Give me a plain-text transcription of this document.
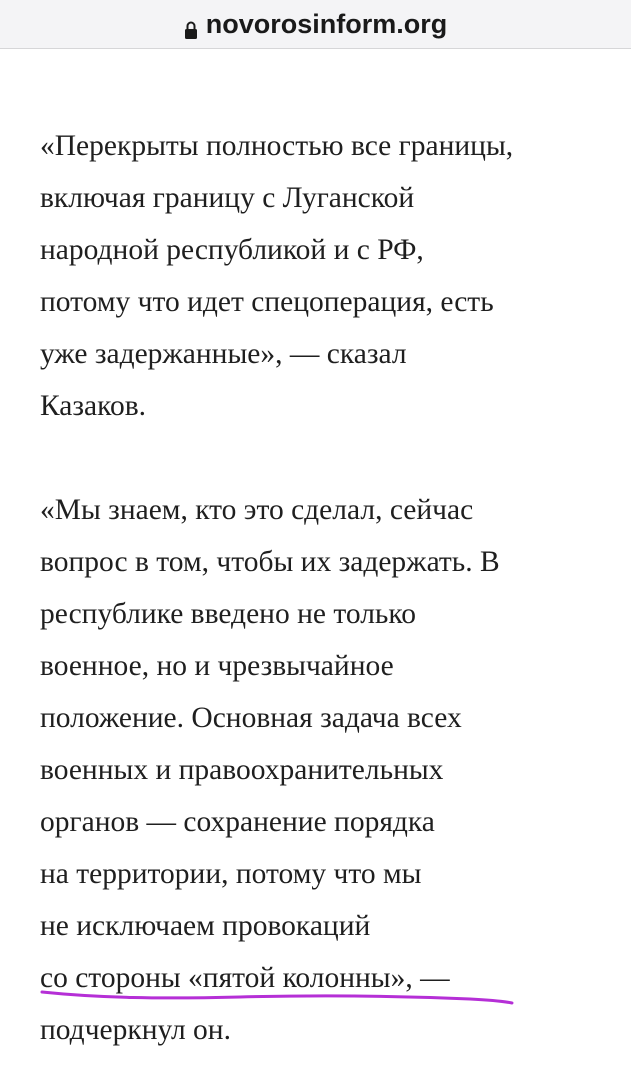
novorosinform.org
«Перекрыты полностью все границы,
включая границу с Луганской
народной республикой и с РФ,
потому что идет спецоперация, есть
уже задержанные», — сказал
Казаков.
«Мы знаем, кто это сделал, сейчас
вопрос в том, чтобы их задержать. В
республике введено не только
военное, но и чрезвычайное
положение. Основная задача всех
военных и правоохранительных
органов — сохранение порядка
на территории, потому что мы
не исключаем провокаций
со стороны «пятой колонны»
, —
подчеркнул он.
